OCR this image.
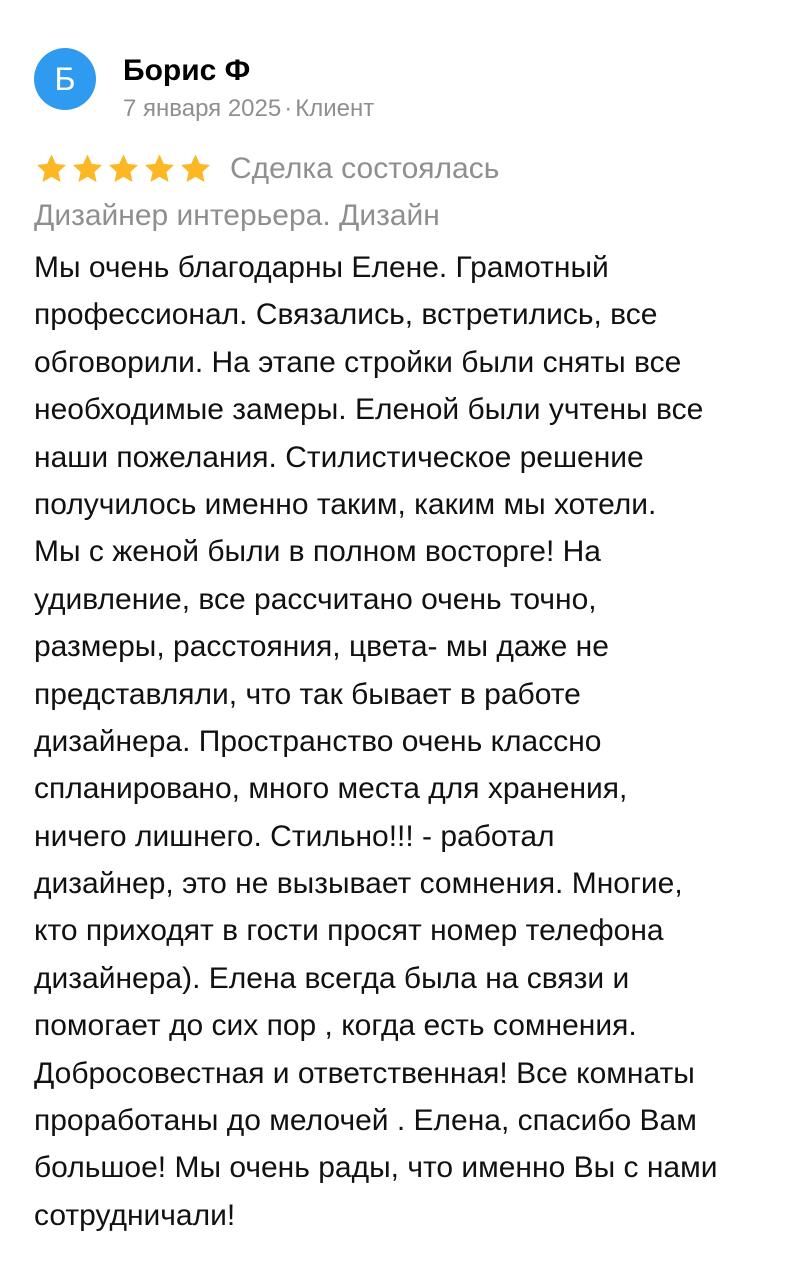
Б Борис Ф
7 января 2025 · Клиент
Сделка состоялась
Дизайнер интерьера. Дизайн
Мы очень благодарны Елене. Грамотный
профессионал. Связались, встретились, все
обговорили. На этапе стройки были сняты все
необходимые замеры. Еленой были учтены все
наши пожелания. Стилистическое решение
получилось именно таким, каким мы хотели.
Мы с женой были в полном восторге! На
удивление, все рассчитано очень точно,
размеры, расстояния, цвета- мы даже не
представляли, что так бывает в работе
дизайнера. Пространство очень классно
спланировано, много места для хранения,
ничего лишнего. Стильно!!! - работал
дизайнер, это не вызывает сомнения. Многие,
кто приходят в гости просят номер телефона
дизайнера). Елена всегда была на связи и
помогает до сих пор , когда есть сомнения.
Добросовестная и ответственная! Все комнаты
проработаны до мелочей . Елена, спасибо Вам
большое! Мы очень рады, что именно Вы с нами
сотрудничали!
